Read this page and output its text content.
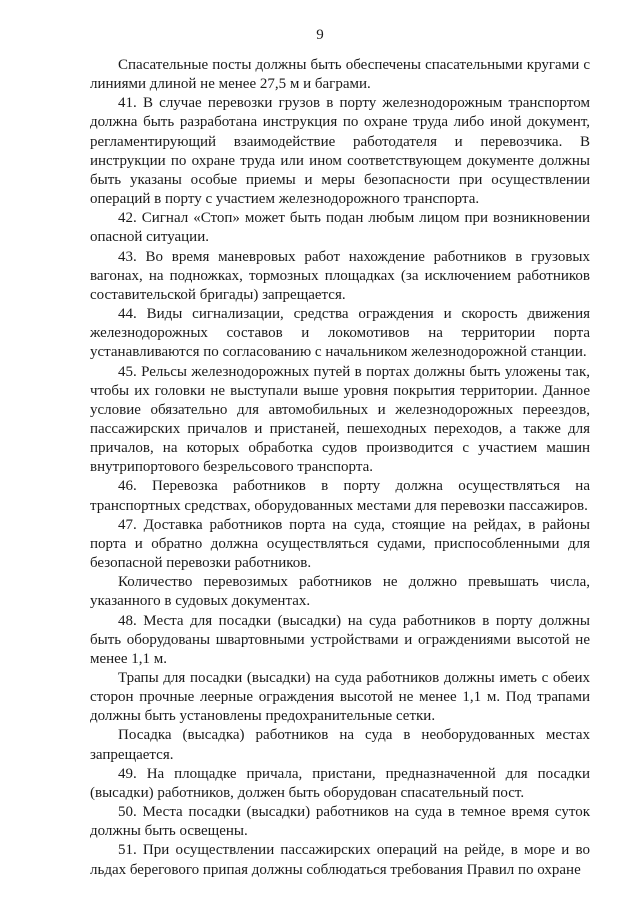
9

Спасательные посты должны быть обеспечены спасательными кругами с линиями длиной не менее 27,5 м и баграми.

41. В случае перевозки грузов в порту железнодорожным транспортом должна быть разработана инструкция по охране труда либо иной документ, регламентирующий взаимодействие работодателя и перевозчика. В инструкции по охране труда или ином соответствующем документе должны быть указаны особые приемы и меры безопасности при осуществлении операций в порту с участием железнодорожного транспорта.

42. Сигнал «Стоп» может быть подан любым лицом при возникновении опасной ситуации.

43. Во время маневровых работ нахождение работников в грузовых вагонах, на подножках, тормозных площадках (за исключением работников составительской бригады) запрещается.

44. Виды сигнализации, средства ограждения и скорость движения железнодорожных составов и локомотивов на территории порта устанавливаются по согласованию с начальником железнодорожной станции.

45. Рельсы железнодорожных путей в портах должны быть уложены так, чтобы их головки не выступали выше уровня покрытия территории. Данное условие обязательно для автомобильных и железнодорожных переездов, пассажирских причалов и пристаней, пешеходных переходов, а также для причалов, на которых обработка судов производится с участием машин внутрипортового безрельсового транспорта.

46. Перевозка работников в порту должна осуществляться на транспортных средствах, оборудованных местами для перевозки пассажиров.

47. Доставка работников порта на суда, стоящие на рейдах, в районы порта и обратно должна осуществляться судами, приспособленными для безопасной перевозки работников.

Количество перевозимых работников не должно превышать числа, указанного в судовых документах.

48. Места для посадки (высадки) на суда работников в порту должны быть оборудованы швартовными устройствами и ограждениями высотой не менее 1,1 м.

Трапы для посадки (высадки) на суда работников должны иметь с обеих сторон прочные леерные ограждения высотой не менее 1,1 м. Под трапами должны быть установлены предохранительные сетки.

Посадка (высадка) работников на суда в необорудованных местах запрещается.

49. На площадке причала, пристани, предназначенной для посадки (высадки) работников, должен быть оборудован спасательный пост.

50. Места посадки (высадки) работников на суда в темное время суток должны быть освещены.

51. При осуществлении пассажирских операций на рейде, в море и во льдах берегового припая должны соблюдаться требования Правил по охране
